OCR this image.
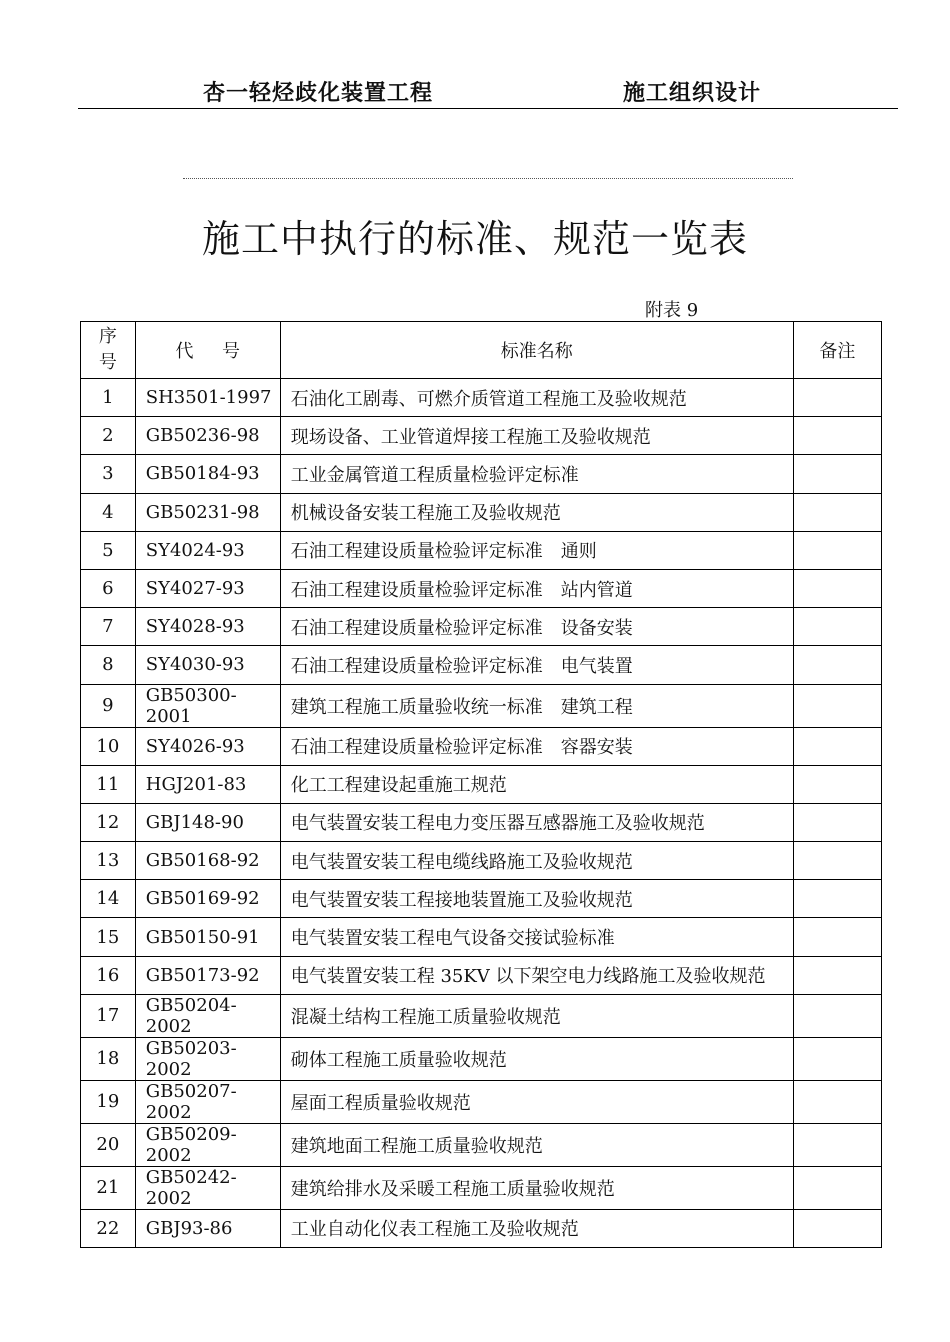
杏一轻烃歧化装置工程	施工组织设计
施工中执行的标准、规范一览表
附表 9
序号	代     号	标准名称	备注
1	SH3501-1997	石油化工剧毒、可燃介质管道工程施工及验收规范	
2	GB50236-98	现场设备、工业管道焊接工程施工及验收规范	
3	GB50184-93	工业金属管道工程质量检验评定标准	
4	GB50231-98	机械设备安装工程施工及验收规范	
5	SY4024-93	石油工程建设质量检验评定标准　通则	
6	SY4027-93	石油工程建设质量检验评定标准　站内管道	
7	SY4028-93	石油工程建设质量检验评定标准　设备安装	
8	SY4030-93	石油工程建设质量检验评定标准　电气装置	
9	GB50300-2001	建筑工程施工质量验收统一标准　建筑工程	
10	SY4026-93	石油工程建设质量检验评定标准　容器安装	
11	HGJ201-83	化工工程建设起重施工规范	
12	GBJ148-90	电气装置安装工程电力变压器互感器施工及验收规范	
13	GB50168-92	电气装置安装工程电缆线路施工及验收规范	
14	GB50169-92	电气装置安装工程接地装置施工及验收规范	
15	GB50150-91	电气装置安装工程电气设备交接试验标准	
16	GB50173-92	电气装置安装工程 35KV 以下架空电力线路施工及验收规范	
17	GB50204-2002	混凝土结构工程施工质量验收规范	
18	GB50203-2002	砌体工程施工质量验收规范	
19	GB50207-2002	屋面工程质量验收规范	
20	GB50209-2002	建筑地面工程施工质量验收规范	
21	GB50242-2002	建筑给排水及采暖工程施工质量验收规范	
22	GBJ93-86	工业自动化仪表工程施工及验收规范	
